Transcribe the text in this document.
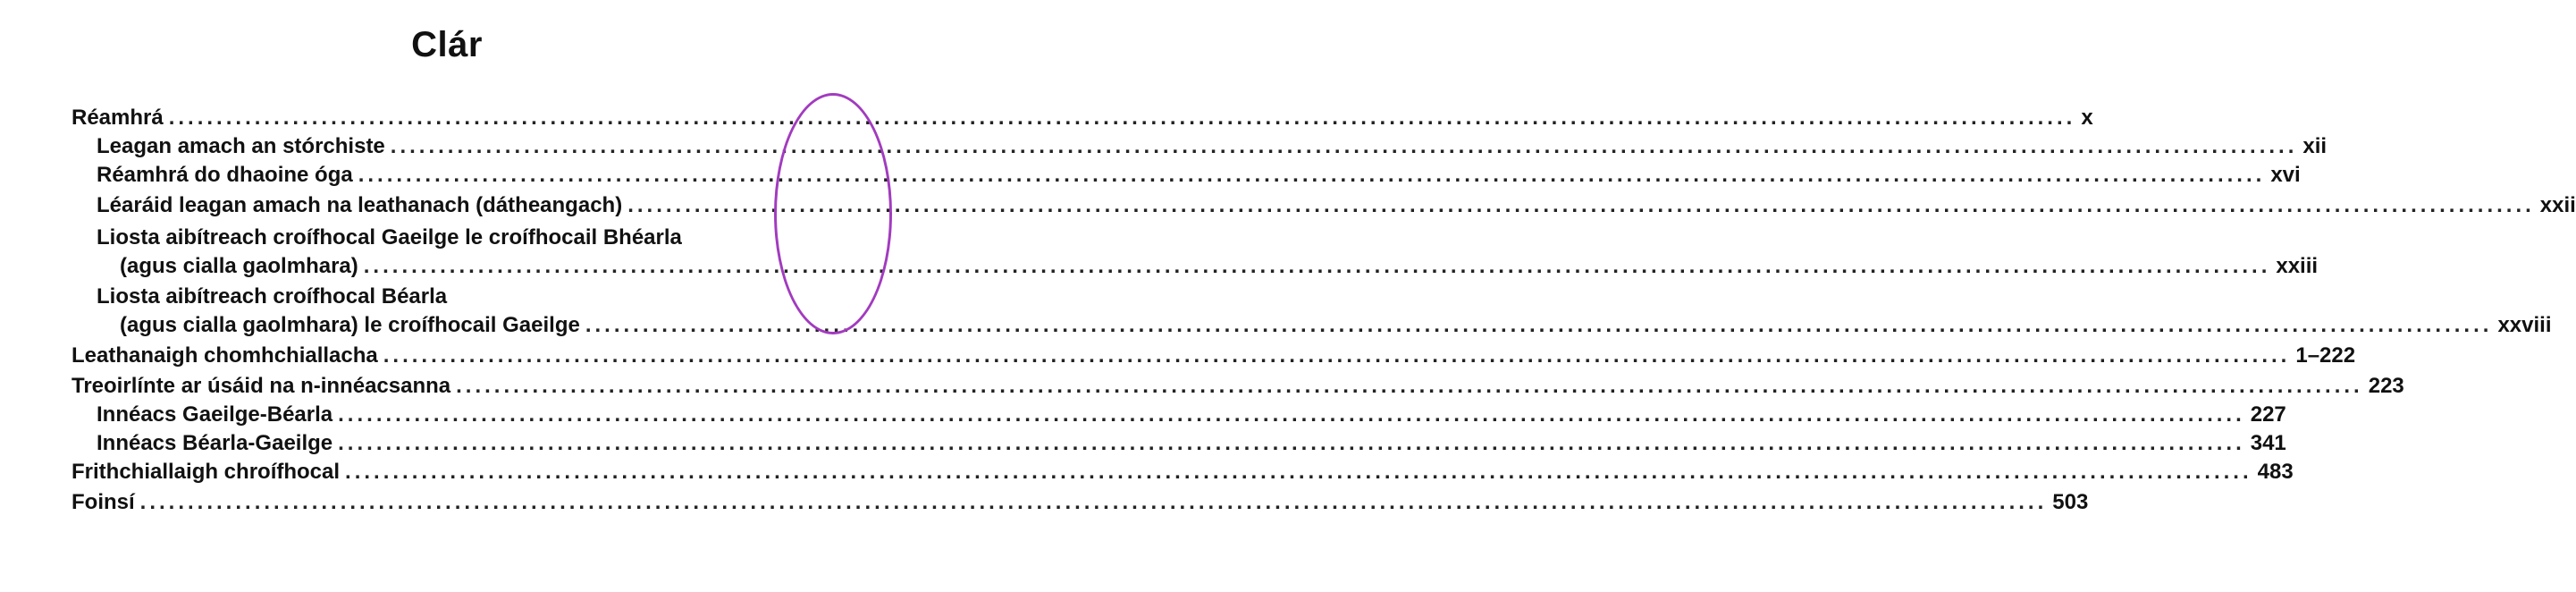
Clár
Réamhrá ........................................................................................................................................................................................................ x
Leagan amach an stórchiste ........................................................................................................................................................................................................ xii
Réamhrá do dhaoine óga ........................................................................................................................................................................................................ xvi
Léaráid leagan amach na leathanach (dátheangach) ........................................................................................................................................................................................................ xxii
Liosta aibítreach croífhocal Gaeilge le croífhocail Bhéarla
(agus cialla gaolmhara) ........................................................................................................................................................................................................ xxiii
Liosta aibítreach croífhocal Béarla
(agus cialla gaolmhara) le croífhocail Gaeilge ........................................................................................................................................................................................................ xxviii
Leathanaigh chomhchiallacha ........................................................................................................................................................................................................ 1–222
Treoirlínte ar úsáid na n-innéacsanna ........................................................................................................................................................................................................ 223
Innéacs Gaeilge-Béarla ........................................................................................................................................................................................................ 227
Innéacs Béarla-Gaeilge ........................................................................................................................................................................................................ 341
Frithchiallaigh chroífhocal ........................................................................................................................................................................................................ 483
Foinsí ........................................................................................................................................................................................................ 503
